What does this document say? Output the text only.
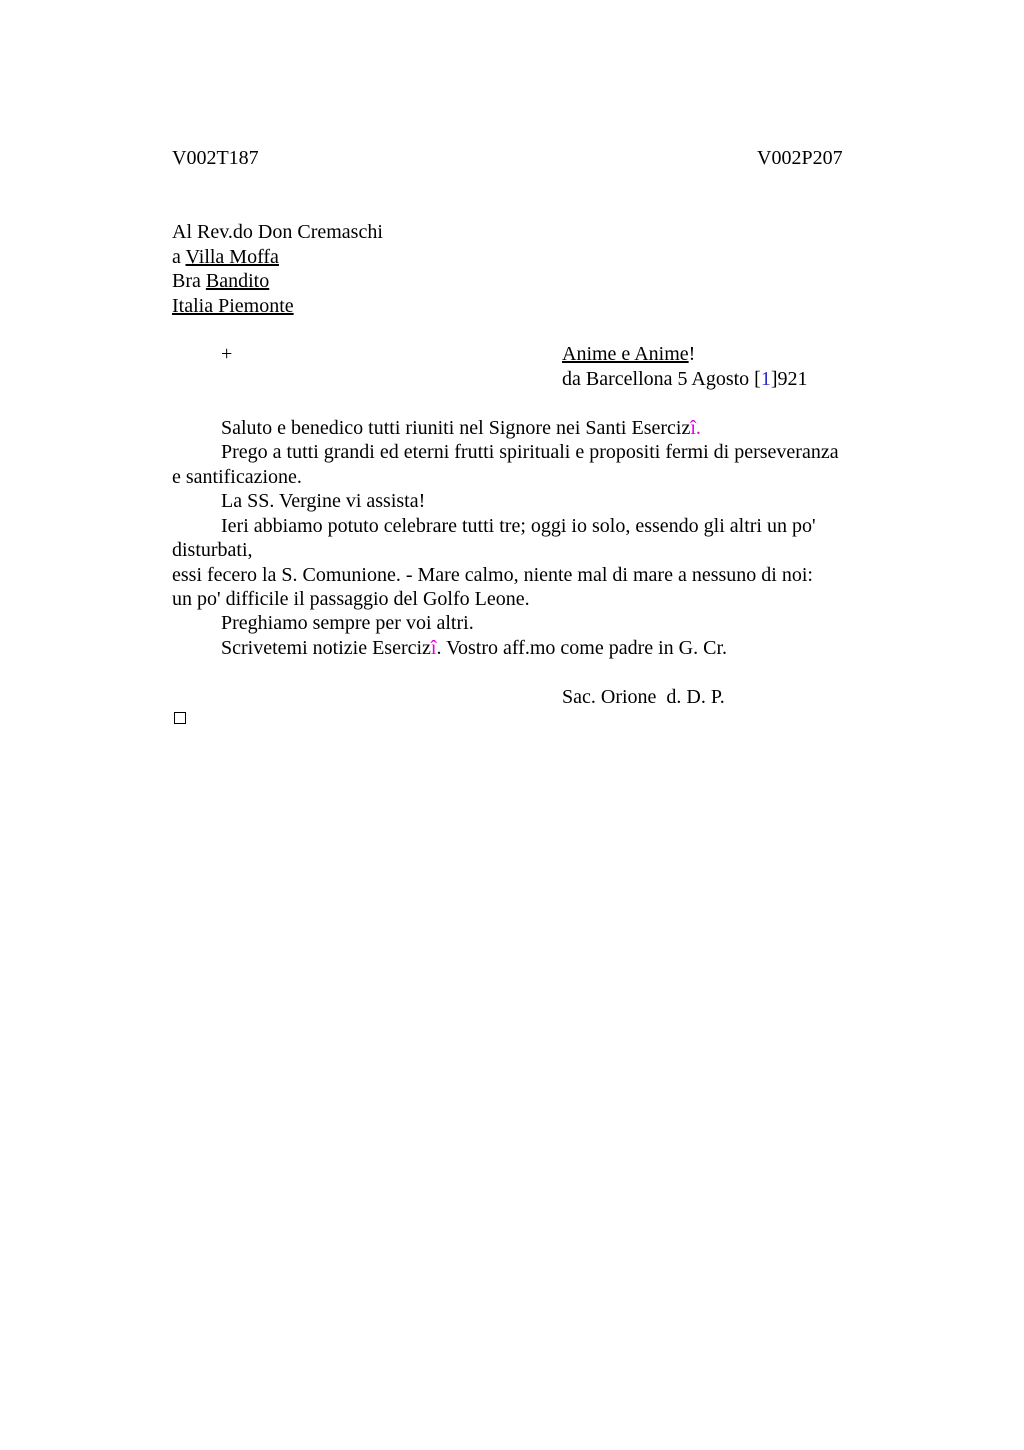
V002T187	V002P207
Al Rev.do Don Cremaschi
a Villa Moffa
Bra Bandito
Italia Piemonte
+	Anime e Anime!
da Barcellona 5 Agosto [1]921
Saluto e benedico tutti riuniti nel Signore nei Santi Esercizî.
Prego a tutti grandi ed eterni frutti spirituali e propositi fermi di perseveranza
e santificazione.
La SS. Vergine vi assista!
Ieri abbiamo potuto celebrare tutti tre; oggi io solo, essendo gli altri un po'
disturbati,
essi fecero la S. Comunione. - Mare calmo, niente mal di mare a nessuno di noi:
un po' difficile il passaggio del Golfo Leone.
Preghiamo sempre per voi altri.
Scrivetemi notizie Esercizî. Vostro aff.mo come padre in G. Cr.
Sac. Orione  d. D. P.
